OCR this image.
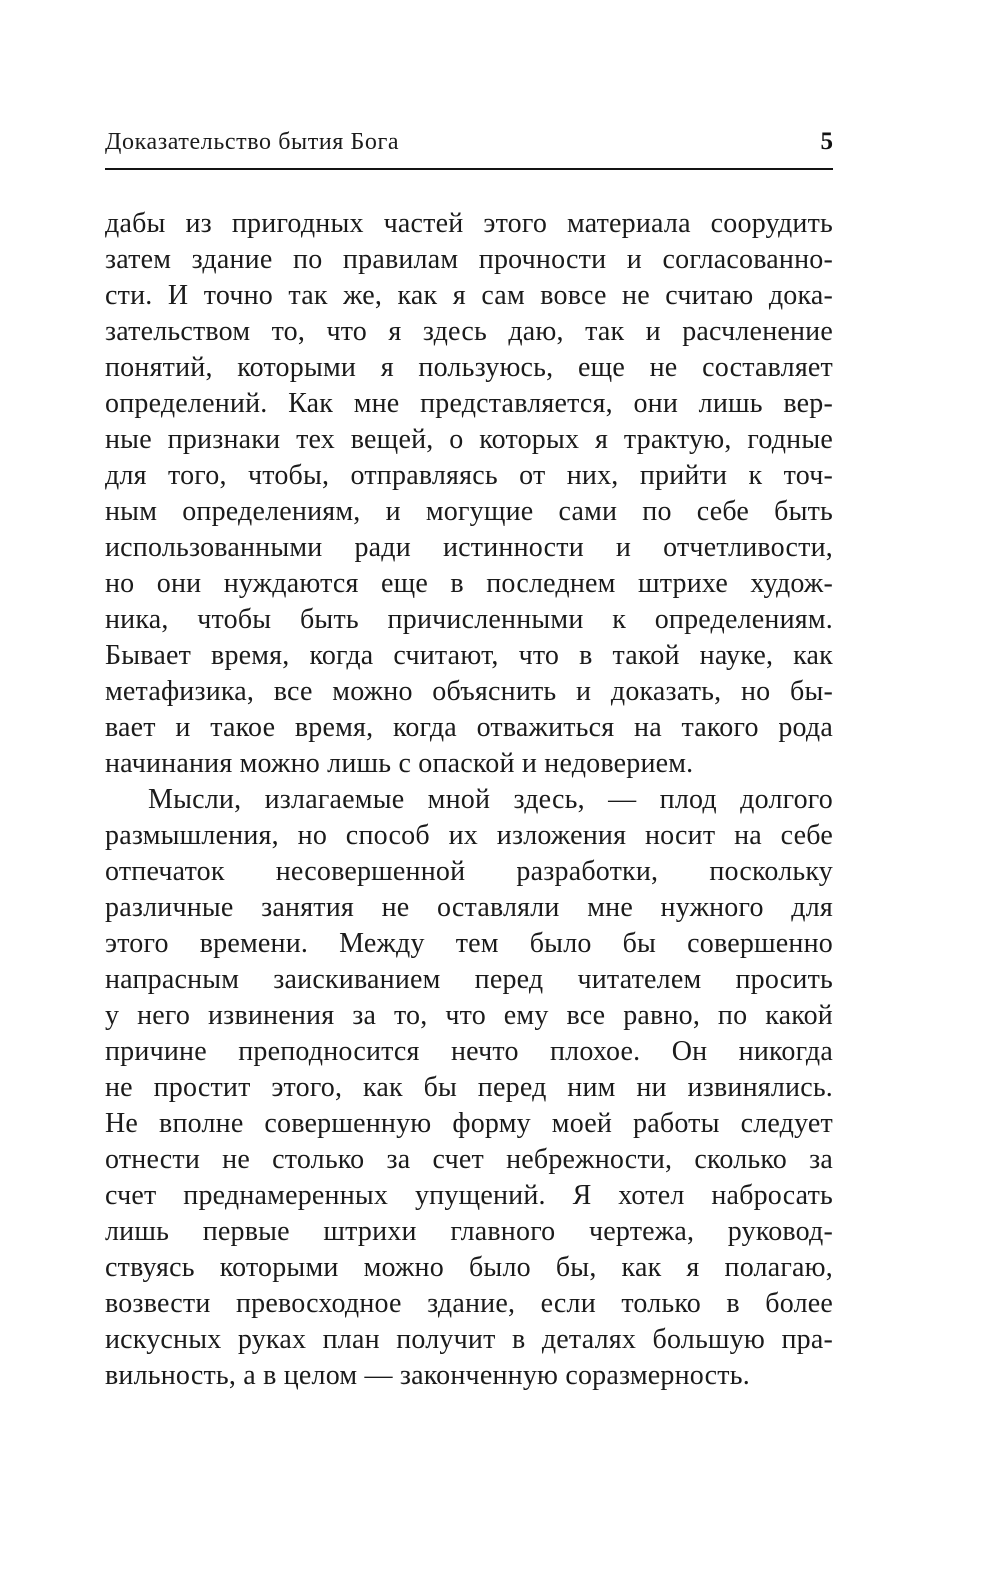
Доказательство бытия Бога	5

дабы из пригодных частей этого материала соорудить
затем здание по правилам прочности и согласованно-
сти. И точно так же, как я сам вовсе не считаю дока-
зательством то, что я здесь даю, так и расчленение
понятий, которыми я пользуюсь, еще не составляет
определений. Как мне представляется, они лишь вер-
ные признаки тех вещей, о которых я трактую, годные
для того, чтобы, отправляясь от них, прийти к точ-
ным определениям, и могущие сами по себе быть
использованными ради истинности и отчетливости,
но они нуждаются еще в последнем штрихе худож-
ника, чтобы быть причисленными к определениям.
Бывает время, когда считают, что в такой науке, как
метафизика, все можно объяснить и доказать, но бы-
вает и такое время, когда отважиться на такого рода
начинания можно лишь с опаской и недоверием.

Мысли, излагаемые мной здесь, — плод долгого
размышления, но способ их изложения носит на себе
отпечаток несовершенной разработки, поскольку
различные занятия не оставляли мне нужного для
этого времени. Между тем было бы совершенно
напрасным заискиванием перед читателем просить
у него извинения за то, что ему все равно, по какой
причине преподносится нечто плохое. Он никогда
не простит этого, как бы перед ним ни извинялись.
Не вполне совершенную форму моей работы следует
отнести не столько за счет небрежности, сколько за
счет преднамеренных упущений. Я хотел набросать
лишь первые штрихи главного чертежа, руковод-
ствуясь которыми можно было бы, как я полагаю,
возвести превосходное здание, если только в более
искусных руках план получит в деталях большую пра-
вильность, а в целом — законченную соразмерность.
